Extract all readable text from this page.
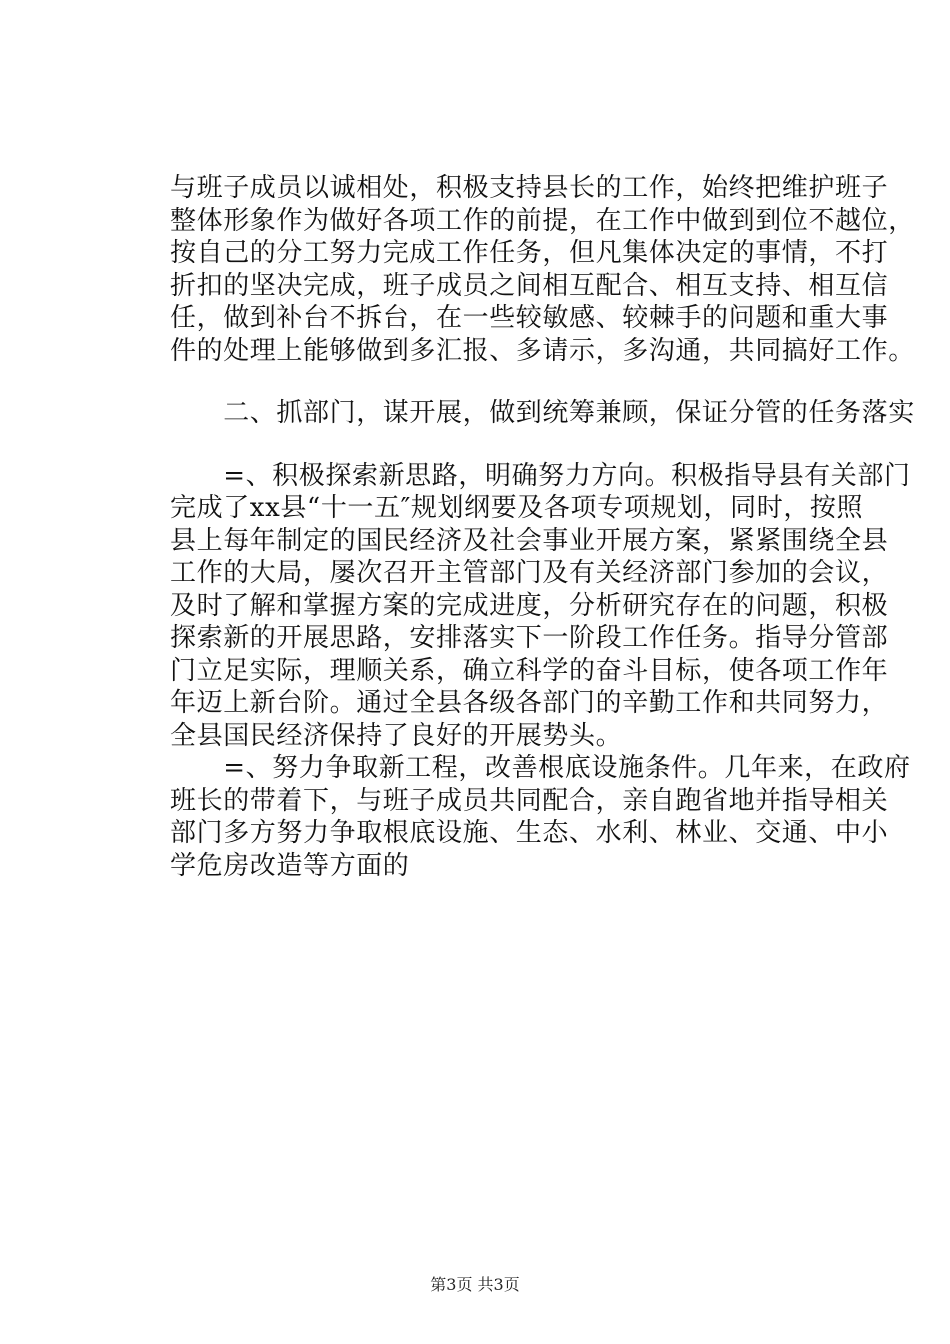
与班子成员以诚相处，积极支持县长的工作，始终把维护班子
整体形象作为做好各项工作的前提，在工作中做到到位不越位，
按自己的分工努力完成工作任务，但凡集体决定的事情，不打
折扣的坚决完成，班子成员之间相互配合、相互支持、相互信
任，做到补台不拆台，在一些较敏感、较棘手的问题和重大事
件的处理上能够做到多汇报、多请示，多沟通，共同搞好工作。

　　二、抓部门，谋开展，做到统筹兼顾，保证分管的任务落实

　　=、积极探索新思路，明确努力方向。积极指导县有关部门
完成了xx县“十一五″规划纲要及各项专项规划，同时，按照
县上每年制定的国民经济及社会事业开展方案，紧紧围绕全县
工作的大局，屡次召开主管部门及有关经济部门参加的会议，
及时了解和掌握方案的完成进度，分析研究存在的问题，积极
探索新的开展思路，安排落实下一阶段工作任务。指导分管部
门立足实际，理顺关系，确立科学的奋斗目标，使各项工作年
年迈上新台阶。通过全县各级各部门的辛勤工作和共同努力，
全县国民经济保持了良好的开展势头。

　　=、努力争取新工程，改善根底设施条件。几年来，在政府
班长的带着下，与班子成员共同配合，亲自跑省地并指导相关
部门多方努力争取根底设施、生态、水利、林业、交通、中小
学危房改造等方面的

第3页 共3页
